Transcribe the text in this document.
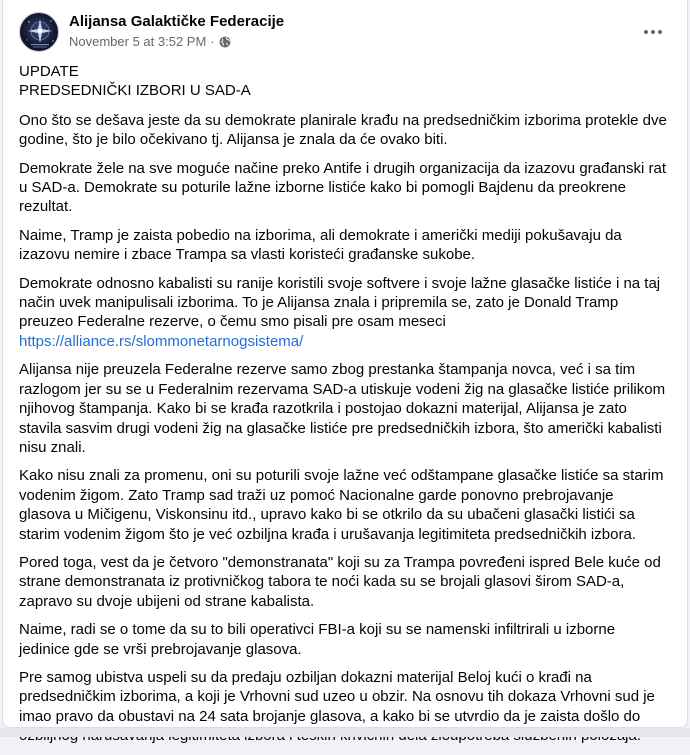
Alijansa Galaktičke Federacije
November 5 at 3:52 PM ·
UPDATE
PREDSEDNIČKI IZBORI U SAD-A

Ono što se dešava jeste da su demokrate planirale krađu na predsedničkim izborima protekle dve godine, što je bilo očekivano tj. Alijansa je znala da će ovako biti.

Demokrate žele na sve moguće načine preko Antife i drugih organizacija da izazovu građanski rat u SAD-a. Demokrate su poturile lažne izborne listiće kako bi pomogli Bajdenu da preokrene rezultat.

Naime, Tramp je zaista pobedio na izborima, ali demokrate i američki mediji pokušavaju da izazovu nemire i zbace Trampa sa vlasti koristeći građanske sukobe.

Demokrate odnosno kabalisti su ranije koristili svoje softvere i svoje lažne glasačke listiće i na taj način uvek manipulisali izborima. To je Alijansa znala i pripremila se, zato je Donald Tramp preuzeo Federalne rezerve, o čemu smo pisali pre osam meseci
https://alliance.rs/slommonetarnogsistema/

Alijansa nije preuzela Federalne rezerve samo zbog prestanka štampanja novca, već i sa tim razlogom jer su se u Federalnim rezervama SAD-a utiskuje vodeni žig na glasačke listiće prilikom njihovog štampanja. Kako bi se krađa razotkrila i postojao dokazni materijal, Alijansa je zato stavila sasvim drugi vodeni žig na glasačke listiće pre predsedničkih izbora, što američki kabalisti nisu znali.

Kako nisu znali za promenu, oni su poturili svoje lažne već odštampane glasačke listiće sa starim vodenim žigom. Zato Tramp sad traži uz pomoć Nacionalne garde ponovno prebrojavanje glasova u Mičigenu, Viskonsinu itd., upravo kako bi se otkrilo da su ubačeni glasački listići sa starim vodenim žigom što je već ozbiljna krađa i urušavanja legitimiteta predsedničkih izbora.

Pored toga, vest da je četvoro "demonstranata" koji su za Trampa povređeni ispred Bele kuće od strane demonstranata iz protivničkog tabora te noći kada su se brojali glasovi širom SAD-a, zapravo su dvoje ubijeni od strane kabalista.

Naime, radi se o tome da su to bili operativci FBI-a koji su se namenski infiltrirali u izborne jedinice gde se vrši prebrojavanje glasova.

Pre samog ubistva uspeli su da predaju ozbiljan dokazni materijal Beloj kući o krađi na predsedničkim izborima, a koji je Vrhovni sud uzeo u obzir. Na osnovu tih dokaza Vrhovni sud je imao pravo da obustavi na 24 sata brojanje glasova, a kako bi se utvrdio da je zaista došlo do
